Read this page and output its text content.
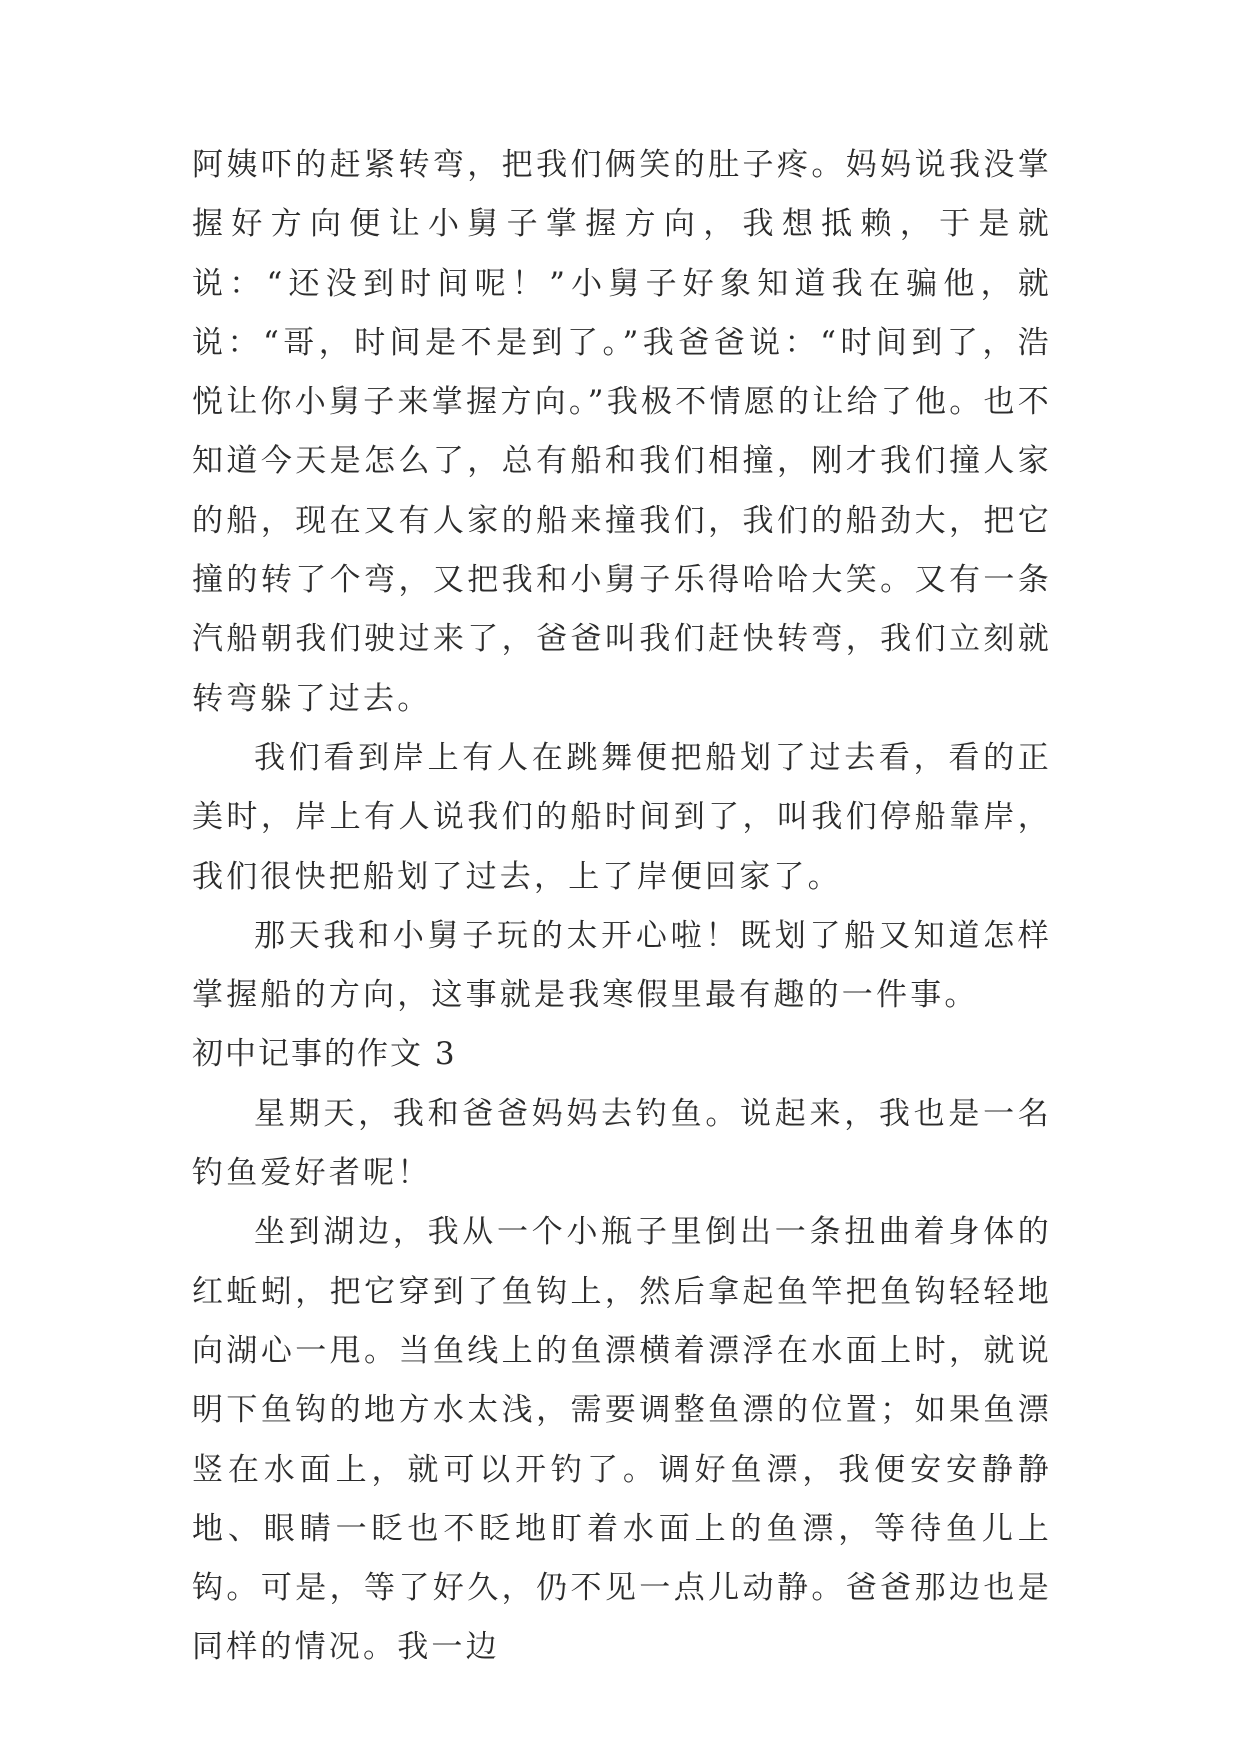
阿姨吓的赶紧转弯，把我们俩笑的肚子疼。妈妈说我没掌握好方向便让小舅子掌握方向，我想抵赖，于是就说：“还没到时间呢！”小舅子好象知道我在骗他，就说：“哥，时间是不是到了。”我爸爸说：“时间到了，浩悦让你小舅子来掌握方向。”我极不情愿的让给了他。也不知道今天是怎么了，总有船和我们相撞，刚才我们撞人家的船，现在又有人家的船来撞我们，我们的船劲大，把它撞的转了个弯，又把我和小舅子乐得哈哈大笑。又有一条汽船朝我们驶过来了，爸爸叫我们赶快转弯，我们立刻就转弯躲了过去。

我们看到岸上有人在跳舞便把船划了过去看，看的正美时，岸上有人说我们的船时间到了，叫我们停船靠岸，我们很快把船划了过去，上了岸便回家了。

那天我和小舅子玩的太开心啦！既划了船又知道怎样掌握船的方向，这事就是我寒假里最有趣的一件事。

初中记事的作文 3

星期天，我和爸爸妈妈去钓鱼。说起来，我也是一名钓鱼爱好者呢！

坐到湖边，我从一个小瓶子里倒出一条扭曲着身体的红蚯蚓，把它穿到了鱼钩上，然后拿起鱼竿把鱼钩轻轻地向湖心一甩。当鱼线上的鱼漂横着漂浮在水面上时，就说明下鱼钩的地方水太浅，需要调整鱼漂的位置；如果鱼漂竖在水面上，就可以开钓了。调好鱼漂，我便安安静静地、眼睛一眨也不眨地盯着水面上的鱼漂，等待鱼儿上钩。可是，等了好久，仍不见一点儿动静。爸爸那边也是同样的情况。我一边
